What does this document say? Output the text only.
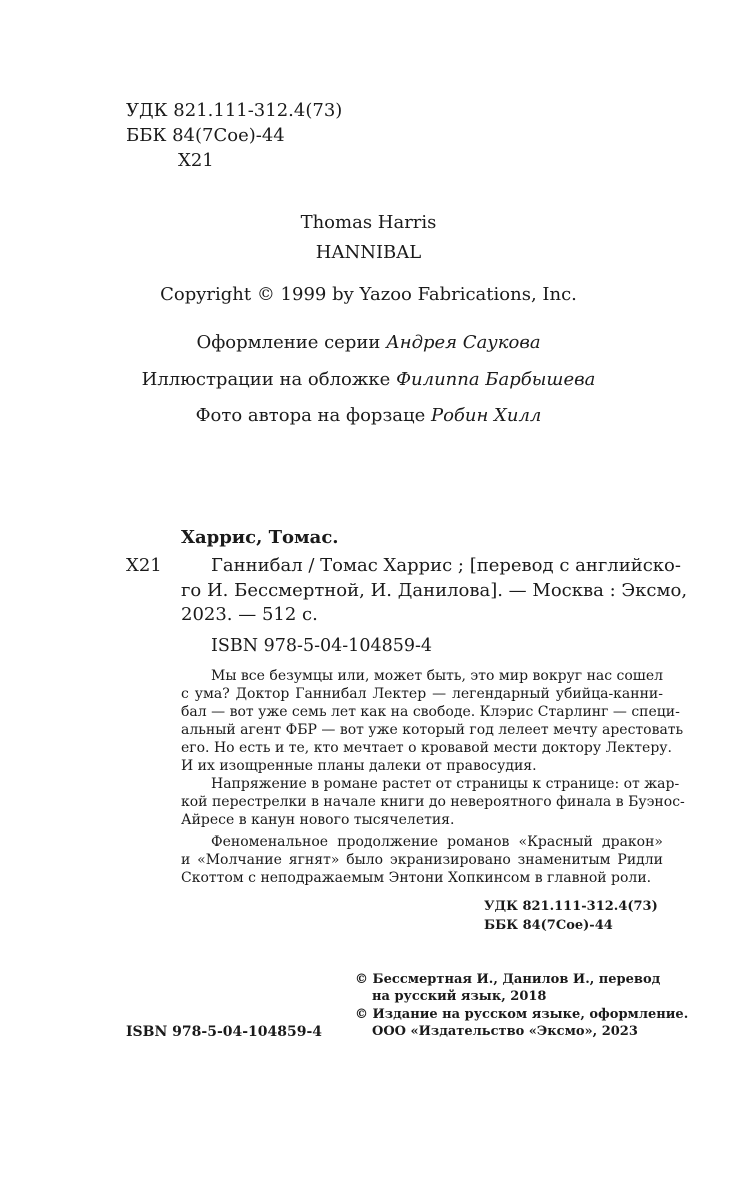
УДК 821.111-312.4(73)
ББК 84(7Сое)-44
Х21
Thomas Harris
HANNIBAL
Copyright © 1999 by Yazoo Fabrications, Inc.
Оформление серии Андрея Саукова
Иллюстрации на обложке Филиппа Барбышева
Фото автора на форзаце Робин Хилл
Харрис, Томас.
Х21	Ганнибал / Томас Харрис ; [перевод с английско-
го И. Бессмертной, И. Данилова]. — Москва : Эксмо,
2023. — 512 с.
ISBN 978-5-04-104859-4
Мы все безумцы или, может быть, это мир вокруг нас сошел
с ума? Доктор Ганнибал Лектер — легендарный убийца-канни-
бал — вот уже семь лет как на свободе. Клэрис Старлинг — специ-
альный агент ФБР — вот уже который год лелеет мечту арестовать
его. Но есть и те, кто мечтает о кровавой мести доктору Лектеру.
И их изощренные планы далеки от правосудия.
Напряжение в романе растет от страницы к странице: от жар-
кой перестрелки в начале книги до невероятного финала в Буэнос-
Айресе в канун нового тысячелетия.
Феноменальное продолжение романов «Красный дракон»
и «Молчание ягнят» было экранизировано знаменитым Ридли
Скоттом с неподражаемым Энтони Хопкинсом в главной роли.
УДК 821.111-312.4(73)
ББК 84(7Сое)-44
© Бессмертная И., Данилов И., перевод
на русский язык, 2018
© Издание на русском языке, оформление.
ООО «Издательство «Эксмо», 2023
ISBN 978-5-04-104859-4
